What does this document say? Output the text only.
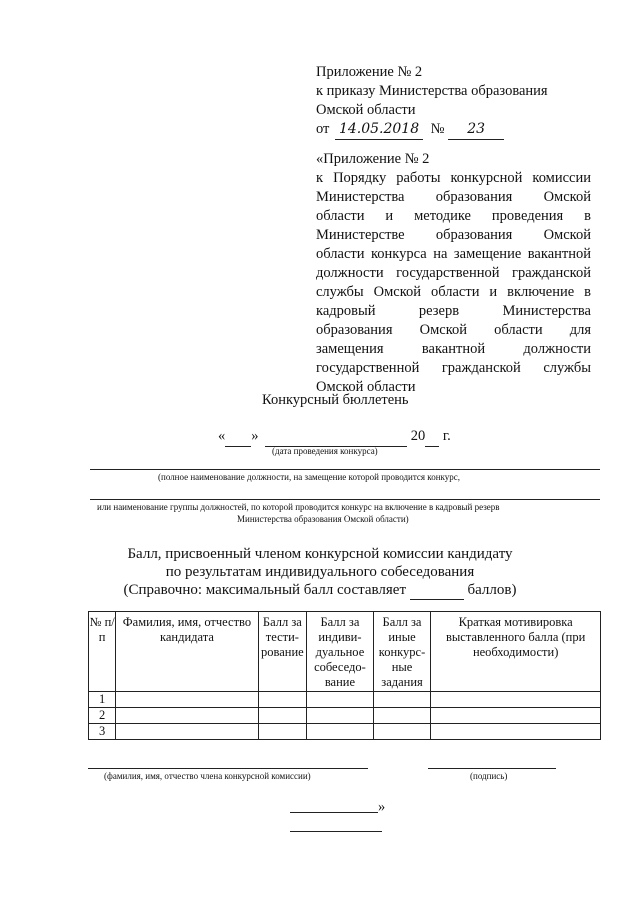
Приложение № 2
к приказу Министерства образования
Омской области
от 14.05.2018 № 23
«Приложение № 2
к Порядку работы конкурсной комиссии
Министерства образования Омской
области и методике проведения в
Министерстве образования Омской
области конкурса на замещение вакантной
должности государственной гражданской
службы Омской области и включение в
кадровый резерв Министерства
образования Омской области для
замещения вакантной должности
государственной гражданской службы
Омской области
Конкурсный бюллетень
« »	20 г.
(дата проведения конкурса)
(полное наименование должности, на замещение которой проводится конкурс,
или наименование группы должностей, по которой проводится конкурс на включение в кадровый резерв
Министерства образования Омской области)
Балл, присвоенный членом конкурсной комиссии кандидату
по результатам индивидуального собеседования
(Справочно: максимальный балл составляет	баллов)
№ п/п	Фамилия, имя, отчество кандидата	Балл за тести-рование	Балл за индиви-дуальное собеседо-вание	Балл за иные конкурс-ные задания	Краткая мотивировка выставленного балла (при необходимости)
1					
2					
3					
(фамилия, имя, отчество члена конкурсной комиссии)	(подпись)
»
